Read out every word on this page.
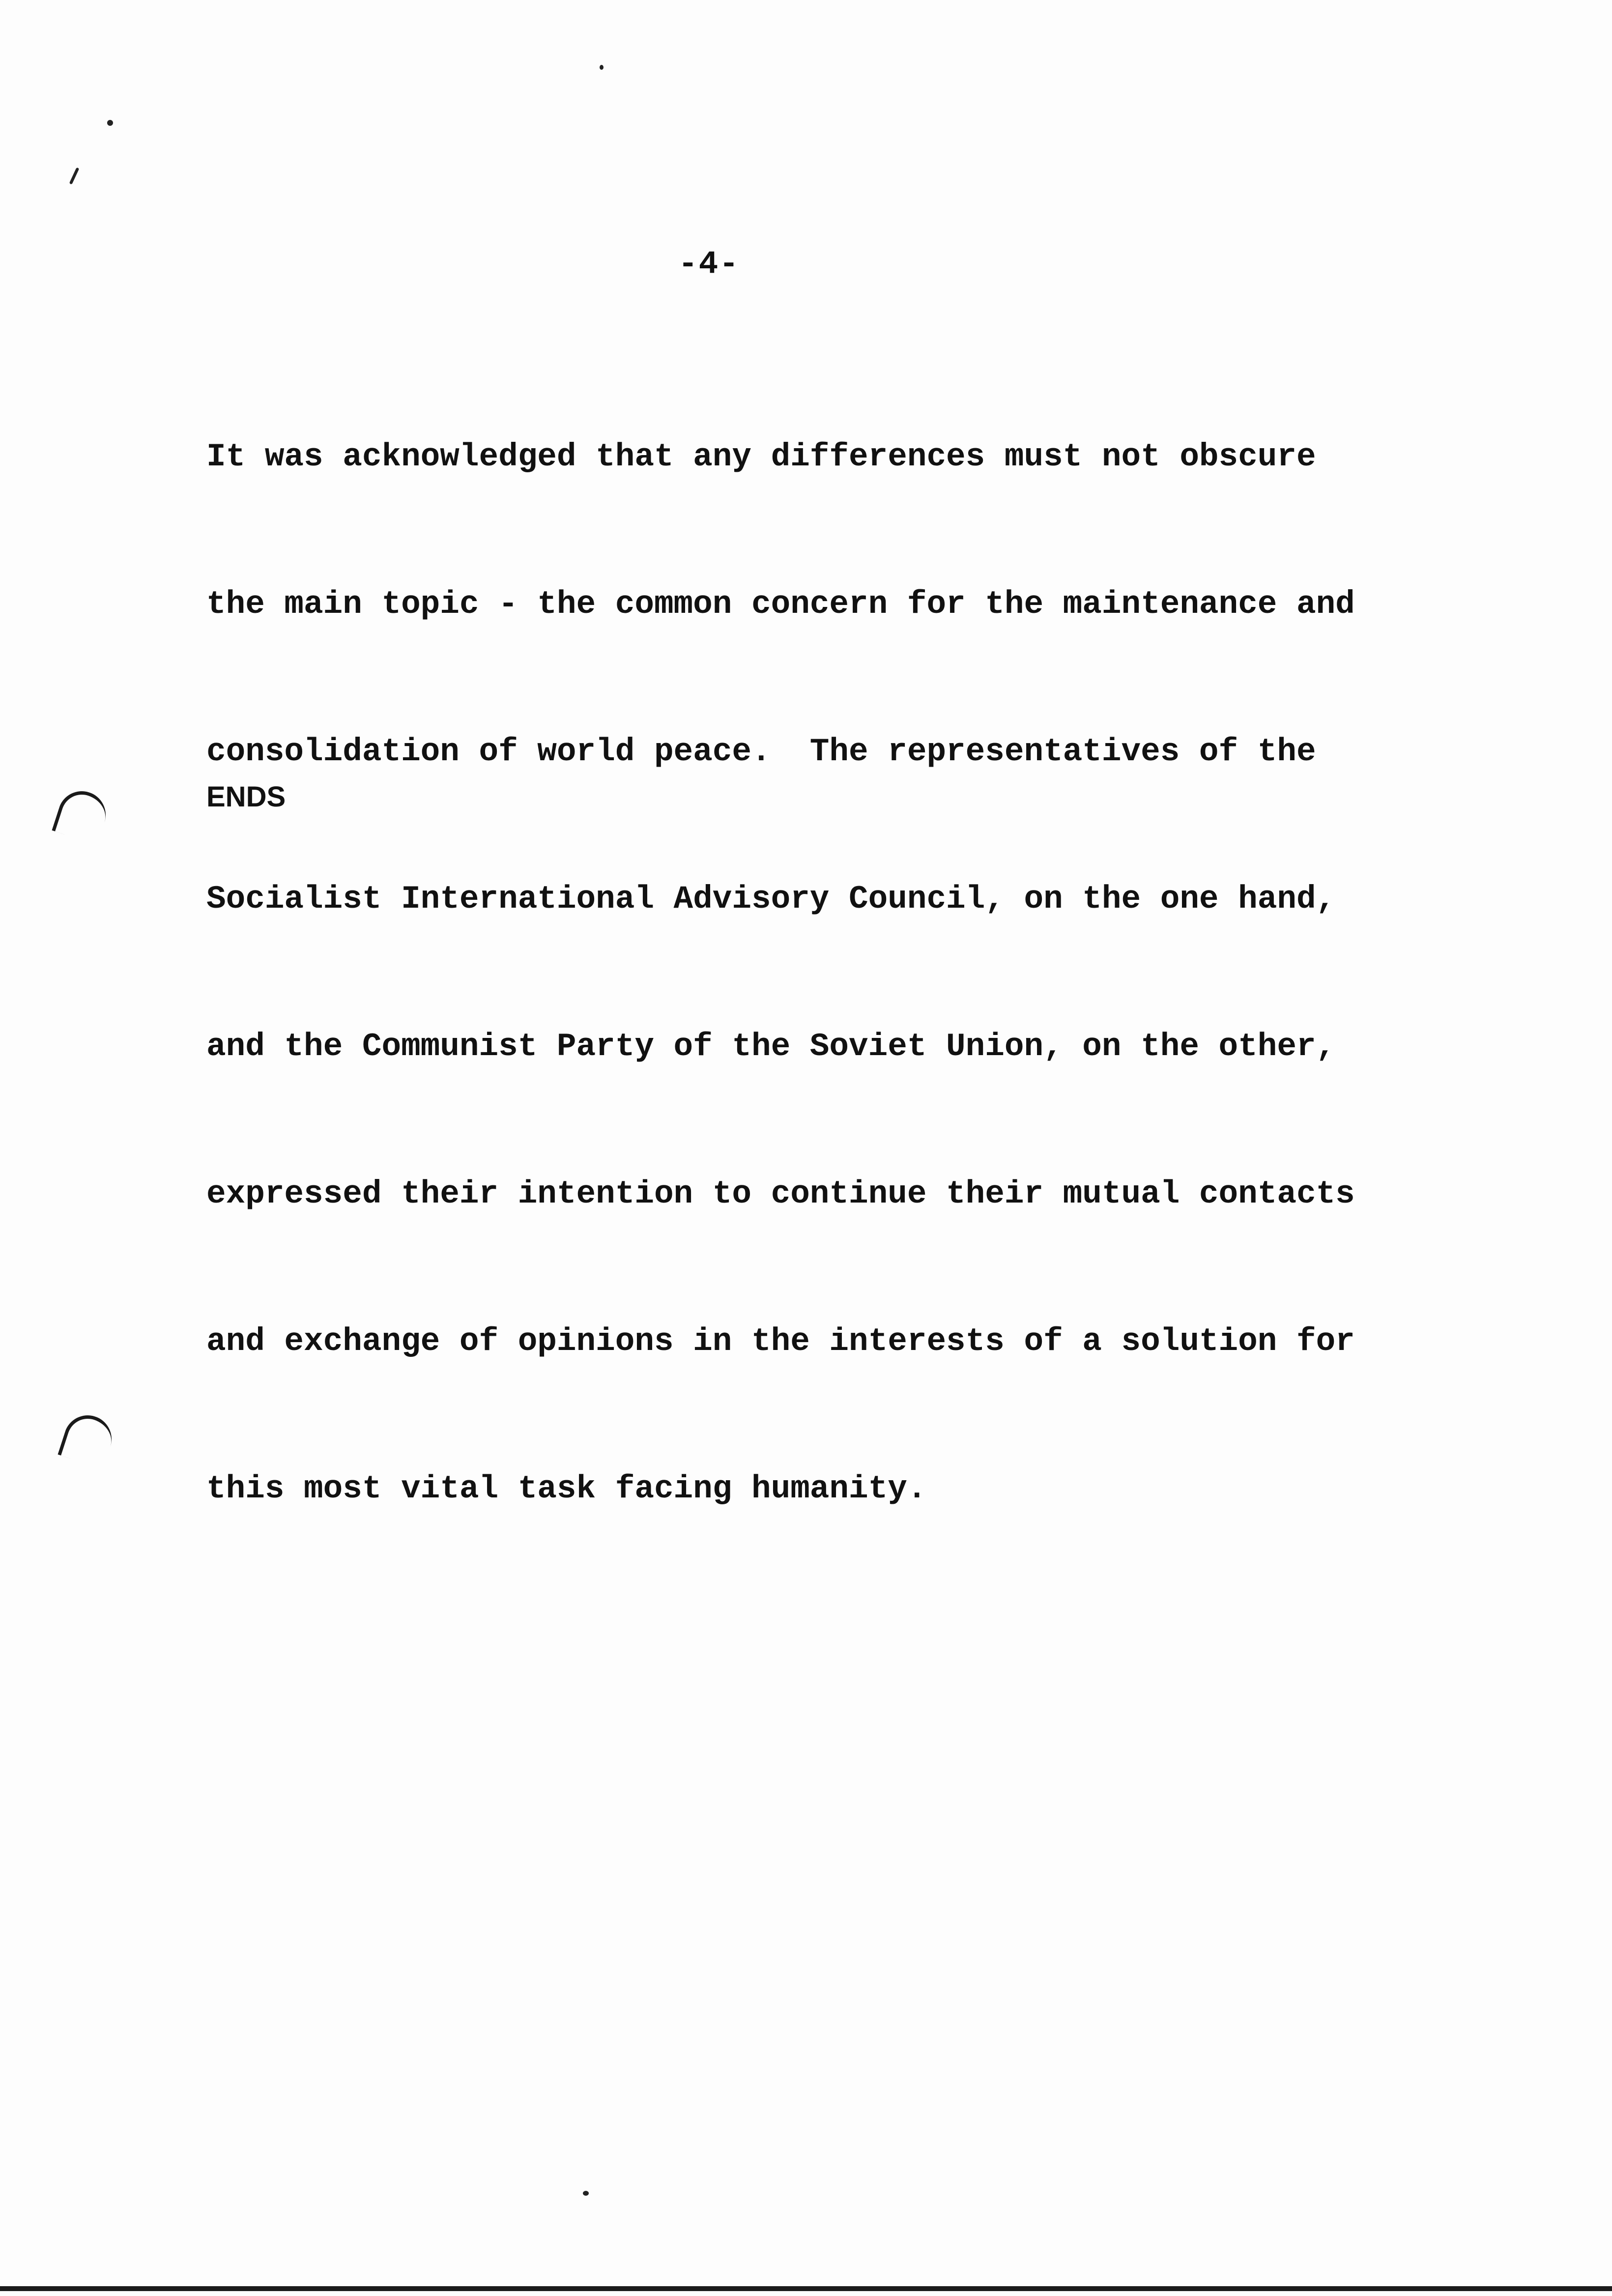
-4-

It was acknowledged that any differences must not obscure

the main topic - the common concern for the maintenance and

consolidation of world peace.  The representatives of the

Socialist International Advisory Council, on the one hand,

and the Communist Party of the Soviet Union, on the other,

expressed their intention to continue their mutual contacts

and exchange of opinions in the interests of a solution for

this most vital task facing humanity.

ENDS
